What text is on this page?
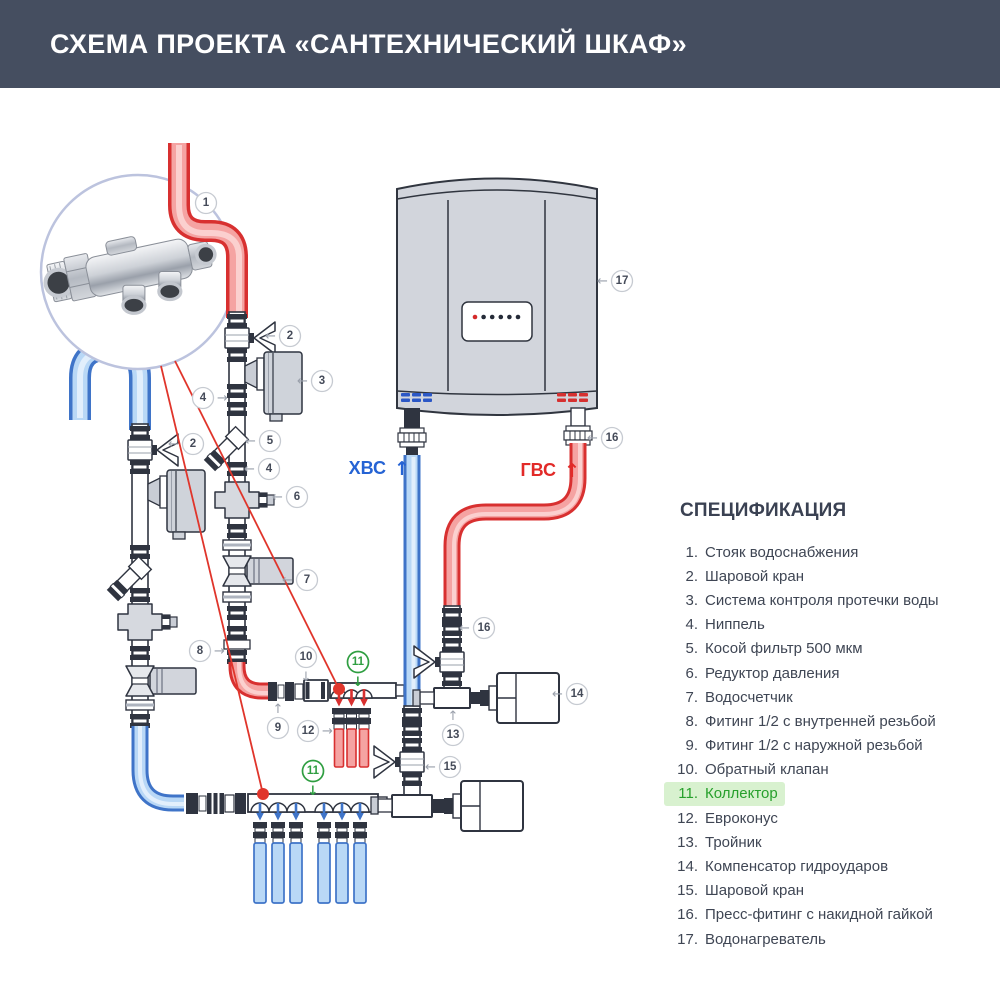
СХЕМА ПРОЕКТА «САНТЕХНИЧЕСКИЙ ШКАФ»
ХВС ↑	ГВС ↑
1
← 2
← 3
→
4
← 5
← 4
← 6
← 7
→
8
↓
10
↓
11
↑
9	→
12
← 2
↓
11
← 17
← 16
← 16
← 14
↑
13
← 15
СПЕЦИФИКАЦИЯ
1. Стояк водоснабжения
2. Шаровой кран
3. Система контроля протечки воды
4. Ниппель
5. Косой фильтр 500 мкм
6. Редуктор давления
7. Водосчетчик
8. Фитинг 1/2 с внутренней резьбой
9. Фитинг 1/2 с наружной резьбой
10. Обратный клапан
11. Коллектор
12. Евроконус
13. Тройник
14. Компенсатор гидроударов
15. Шаровой кран
16. Пресс-фитинг с накидной гайкой
17. Водонагреватель
